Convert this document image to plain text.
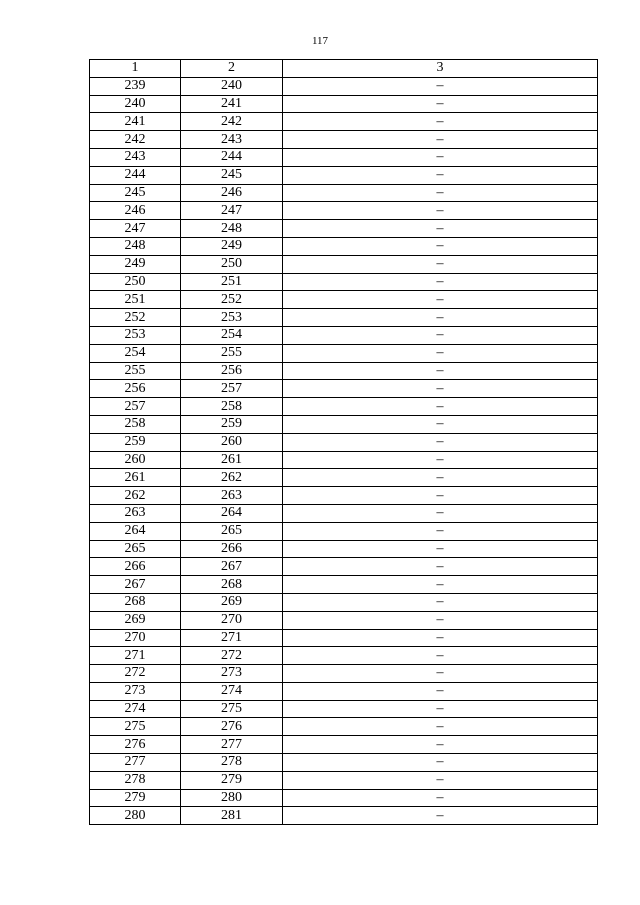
117
1	2	3
239	240	–
240	241	–
241	242	–
242	243	–
243	244	–
244	245	–
245	246	–
246	247	–
247	248	–
248	249	–
249	250	–
250	251	–
251	252	–
252	253	–
253	254	–
254	255	–
255	256	–
256	257	–
257	258	–
258	259	–
259	260	–
260	261	–
261	262	–
262	263	–
263	264	–
264	265	–
265	266	–
266	267	–
267	268	–
268	269	–
269	270	–
270	271	–
271	272	–
272	273	–
273	274	–
274	275	–
275	276	–
276	277	–
277	278	–
278	279	–
279	280	–
280	281	–
